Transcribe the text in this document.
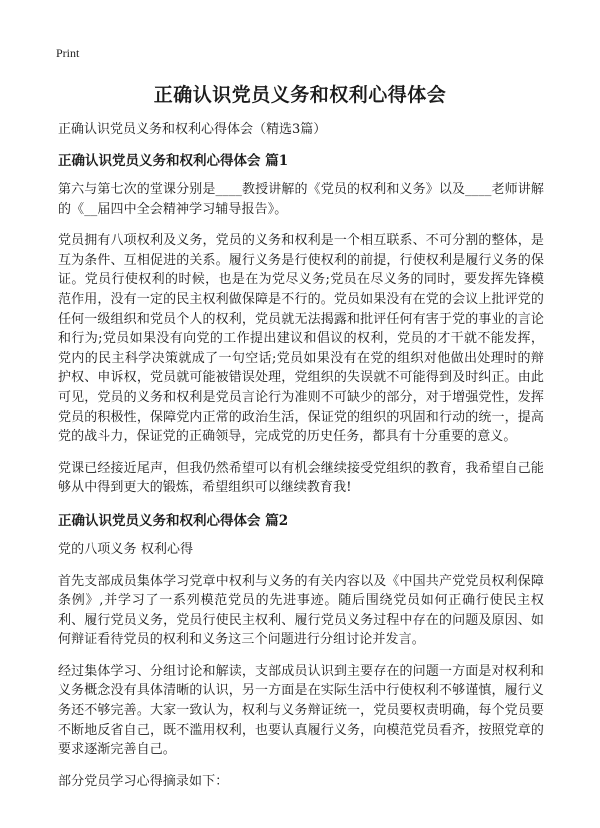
Print
正确认识党员义务和权利心得体会

正确认识党员义务和权利心得体会（精选3篇）

正确认识党员义务和权利心得体会 篇1

第六与第七次的堂课分别是____教授讲解的《党员的权利和义务》以及____老师讲解的《__届四中全会精神学习辅导报告》。

党员拥有八项权利及义务，党员的义务和权利是一个相互联系、不可分割的整体，是互为条件、互相促进的关系。履行义务是行使权利的前提，行使权利是履行义务的保证。党员行使权利的时候，也是在为党尽义务;党员在尽义务的同时，要发挥先锋模范作用，没有一定的民主权利做保障是不行的。党员如果没有在党的会议上批评党的任何一级组织和党员个人的权利，党员就无法揭露和批评任何有害于党的事业的言论和行为;党员如果没有向党的工作提出建议和倡议的权利，党员的才干就不能发挥，党内的民主科学决策就成了一句空话;党员如果没有在党的组织对他做出处理时的辩护权、申诉权，党员就可能被错误处理，党组织的失误就不可能得到及时纠正。由此可见，党员的义务和权利是党员言论行为准则不可缺少的部分，对于增强党性，发挥党员的积极性，保障党内正常的政治生活，保证党的组织的巩固和行动的统一，提高党的战斗力，保证党的正确领导，完成党的历史任务，都具有十分重要的意义。

党课已经接近尾声，但我仍然希望可以有机会继续接受党组织的教育，我希望自己能够从中得到更大的锻炼，希望组织可以继续教育我!

正确认识党员义务和权利心得体会 篇2

党的八项义务 权利心得

首先支部成员集体学习党章中权利与义务的有关内容以及《中国共产党党员权利保障条例》,并学习了一系列模范党员的先进事迹。随后围绕党员如何正确行使民主权利、履行党员义务，党员行使民主权利、履行党员义务过程中存在的问题及原因、如何辩证看待党员的权利和义务这三个问题进行分组讨论并发言。

经过集体学习、分组讨论和解读，支部成员认识到主要存在的问题一方面是对权利和义务概念没有具体清晰的认识，另一方面是在实际生活中行使权利不够谨慎，履行义务还不够完善。大家一致认为，权利与义务辩证统一，党员要权责明确，每个党员要不断地反省自己，既不滥用权利，也要认真履行义务，向模范党员看齐，按照党章的要求逐渐完善自己。

部分党员学习心得摘录如下：
